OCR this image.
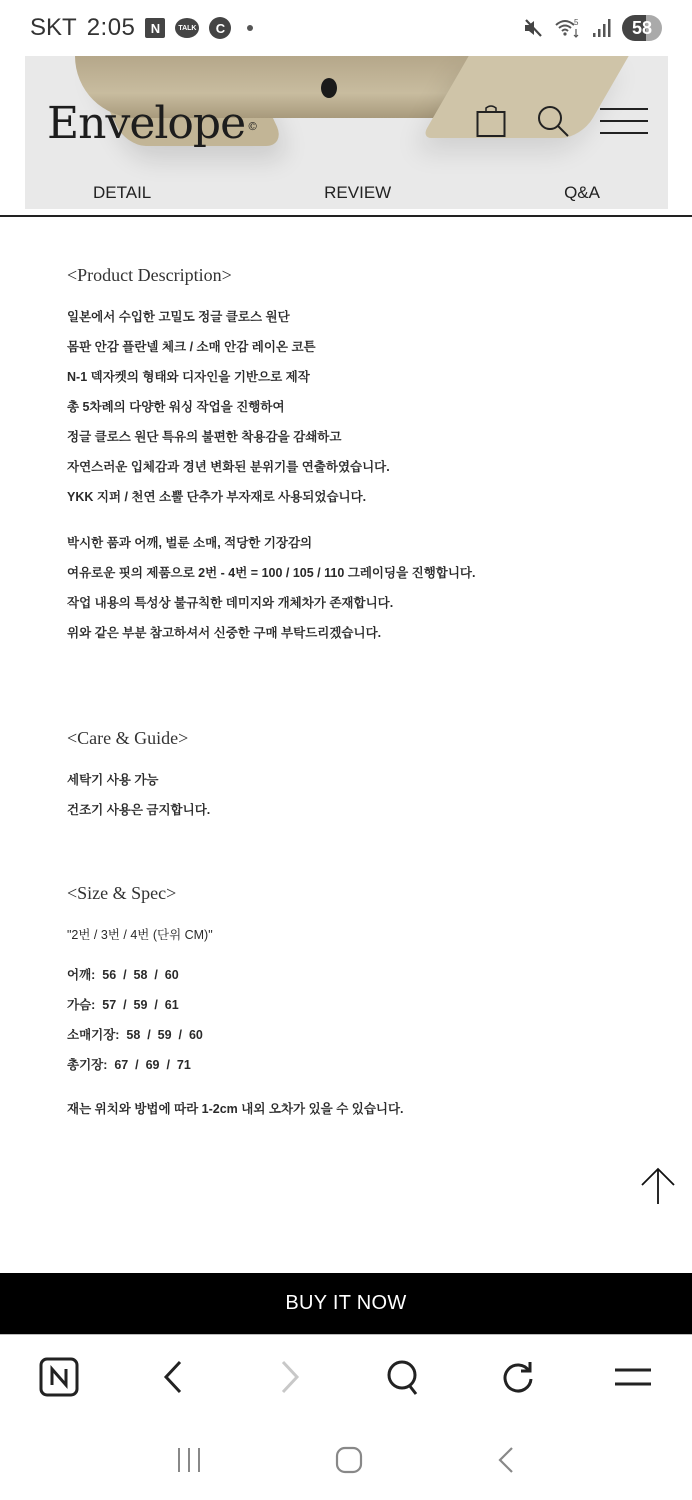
SKT 2:05	N	TALK	C	5	58
Envelope ©
DETAIL	REVIEW	Q&A
<Product Description>
일본에서 수입한 고밀도 정글 클로스 원단
몸판 안감 플란넬 체크 / 소매 안감 레이온 코튼
N-1 덱자켓의 형태와 디자인을 기반으로 제작
총 5차례의 다양한 워싱 작업을 진행하여
정글 클로스 원단 특유의 불편한 착용감을 감쇄하고
자연스러운 입체감과 경년 변화된 분위기를 연출하였습니다.
YKK 지퍼 / 천연 소뿔 단추가 부자재로 사용되었습니다.
박시한 품과 어깨, 벌룬 소매, 적당한 기장감의
여유로운 핏의 제품으로 2번 - 4번 = 100 / 105 / 110 그레이딩을 진행합니다.
작업 내용의 특성상 불규칙한 데미지와 개체차가 존재합니다.
위와 같은 부분 참고하셔서 신중한 구매 부탁드리겠습니다.
<Care & Guide>
세탁기 사용 가능
건조기 사용은 금지합니다.
<Size & Spec>
"2번 / 3번 / 4번 (단위 CM)"
어깨:  56  /  58  /  60
가슴:  57  /  59  /  61
소매기장:  58  /  59  /  60
총기장:  67  /  69  /  71
재는 위치와 방법에 따라 1-2cm 내외 오차가 있을 수 있습니다.
BUY IT NOW
